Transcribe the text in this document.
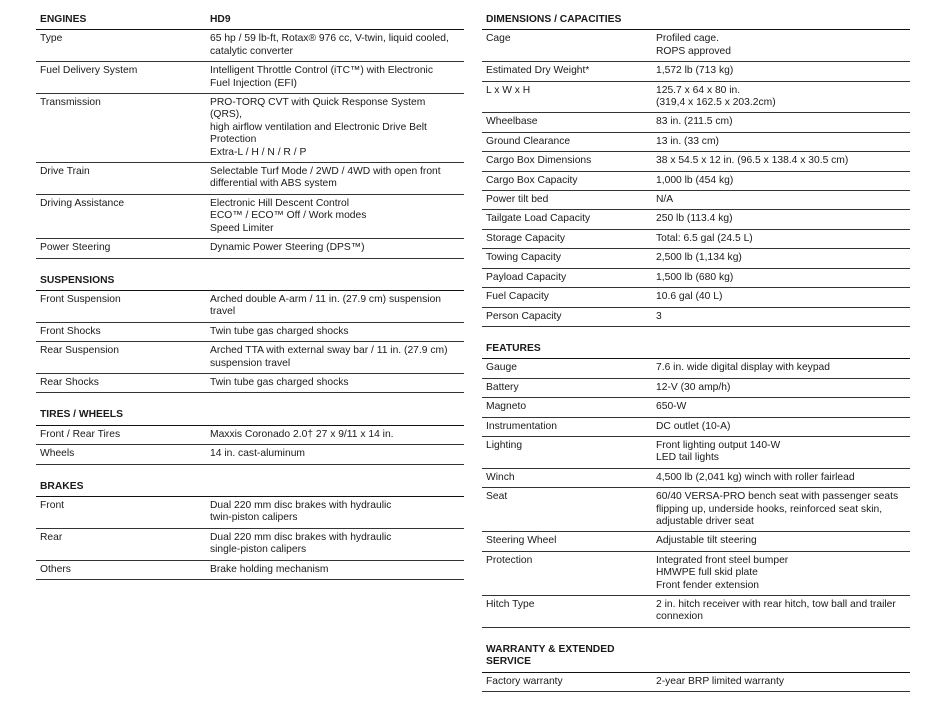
ENGINES	HD9
Type	65 hp / 59 lb-ft, Rotax® 976 cc, V-twin, liquid cooled,
catalytic converter
Fuel Delivery System	Intelligent Throttle Control (iTC™) with Electronic
Fuel Injection (EFI)
Transmission	PRO-TORQ CVT with Quick Response System (QRS),
high airflow ventilation and Electronic Drive Belt
Protection
Extra-L / H / N / R / P
Drive Train	Selectable Turf Mode / 2WD / 4WD with open front
differential with ABS system
Driving Assistance	Electronic Hill Descent Control
ECO™ / ECO™ Off / Work modes
Speed Limiter
Power Steering	Dynamic Power Steering (DPS™)
SUSPENSIONS
Front Suspension	Arched double A-arm / 11 in. (27.9 cm) suspension
travel
Front Shocks	Twin tube gas charged shocks
Rear Suspension	Arched TTA with external sway bar / 11 in. (27.9 cm)
suspension travel
Rear Shocks	Twin tube gas charged shocks
TIRES / WHEELS
Front / Rear Tires	Maxxis Coronado 2.0† 27 x 9/11 x 14 in.
Wheels	14 in. cast-aluminum
BRAKES
Front	Dual 220 mm disc brakes with hydraulic
twin-piston calipers
Rear	Dual 220 mm disc brakes with hydraulic
single-piston calipers
Others	Brake holding mechanism
DIMENSIONS / CAPACITIES
Cage	Profiled cage.
ROPS approved
Estimated Dry Weight*	1,572 lb (713 kg)
L x W x H	125.7 x 64 x 80 in.
(319,4 x 162.5 x 203.2cm)
Wheelbase	83 in. (211.5 cm)
Ground Clearance	13 in. (33 cm)
Cargo Box Dimensions	38 x 54.5 x 12 in. (96.5 x 138.4 x 30.5 cm)
Cargo Box Capacity	1,000 lb (454 kg)
Power tilt bed	N/A
Tailgate Load Capacity	250 lb (113.4 kg)
Storage Capacity	Total: 6.5 gal (24.5 L)
Towing Capacity	2,500 lb (1,134 kg)
Payload Capacity	1,500 lb (680 kg)
Fuel Capacity	10.6 gal (40 L)
Person Capacity	3
FEATURES
Gauge	7.6 in. wide digital display with keypad
Battery	12-V (30 amp/h)
Magneto	650-W
Instrumentation	DC outlet (10-A)
Lighting	Front lighting output 140-W
LED tail lights
Winch	4,500 lb (2,041 kg) winch with roller fairlead
Seat	60/40 VERSA-PRO bench seat with passenger seats
flipping up, underside hooks, reinforced seat skin,
adjustable driver seat
Steering Wheel	Adjustable tilt steering
Protection	Integrated front steel bumper
HMWPE full skid plate
Front fender extension
Hitch Type	2 in. hitch receiver with rear hitch, tow ball and trailer
connexion
WARRANTY & EXTENDED SERVICE
Factory warranty	2-year BRP limited warranty
